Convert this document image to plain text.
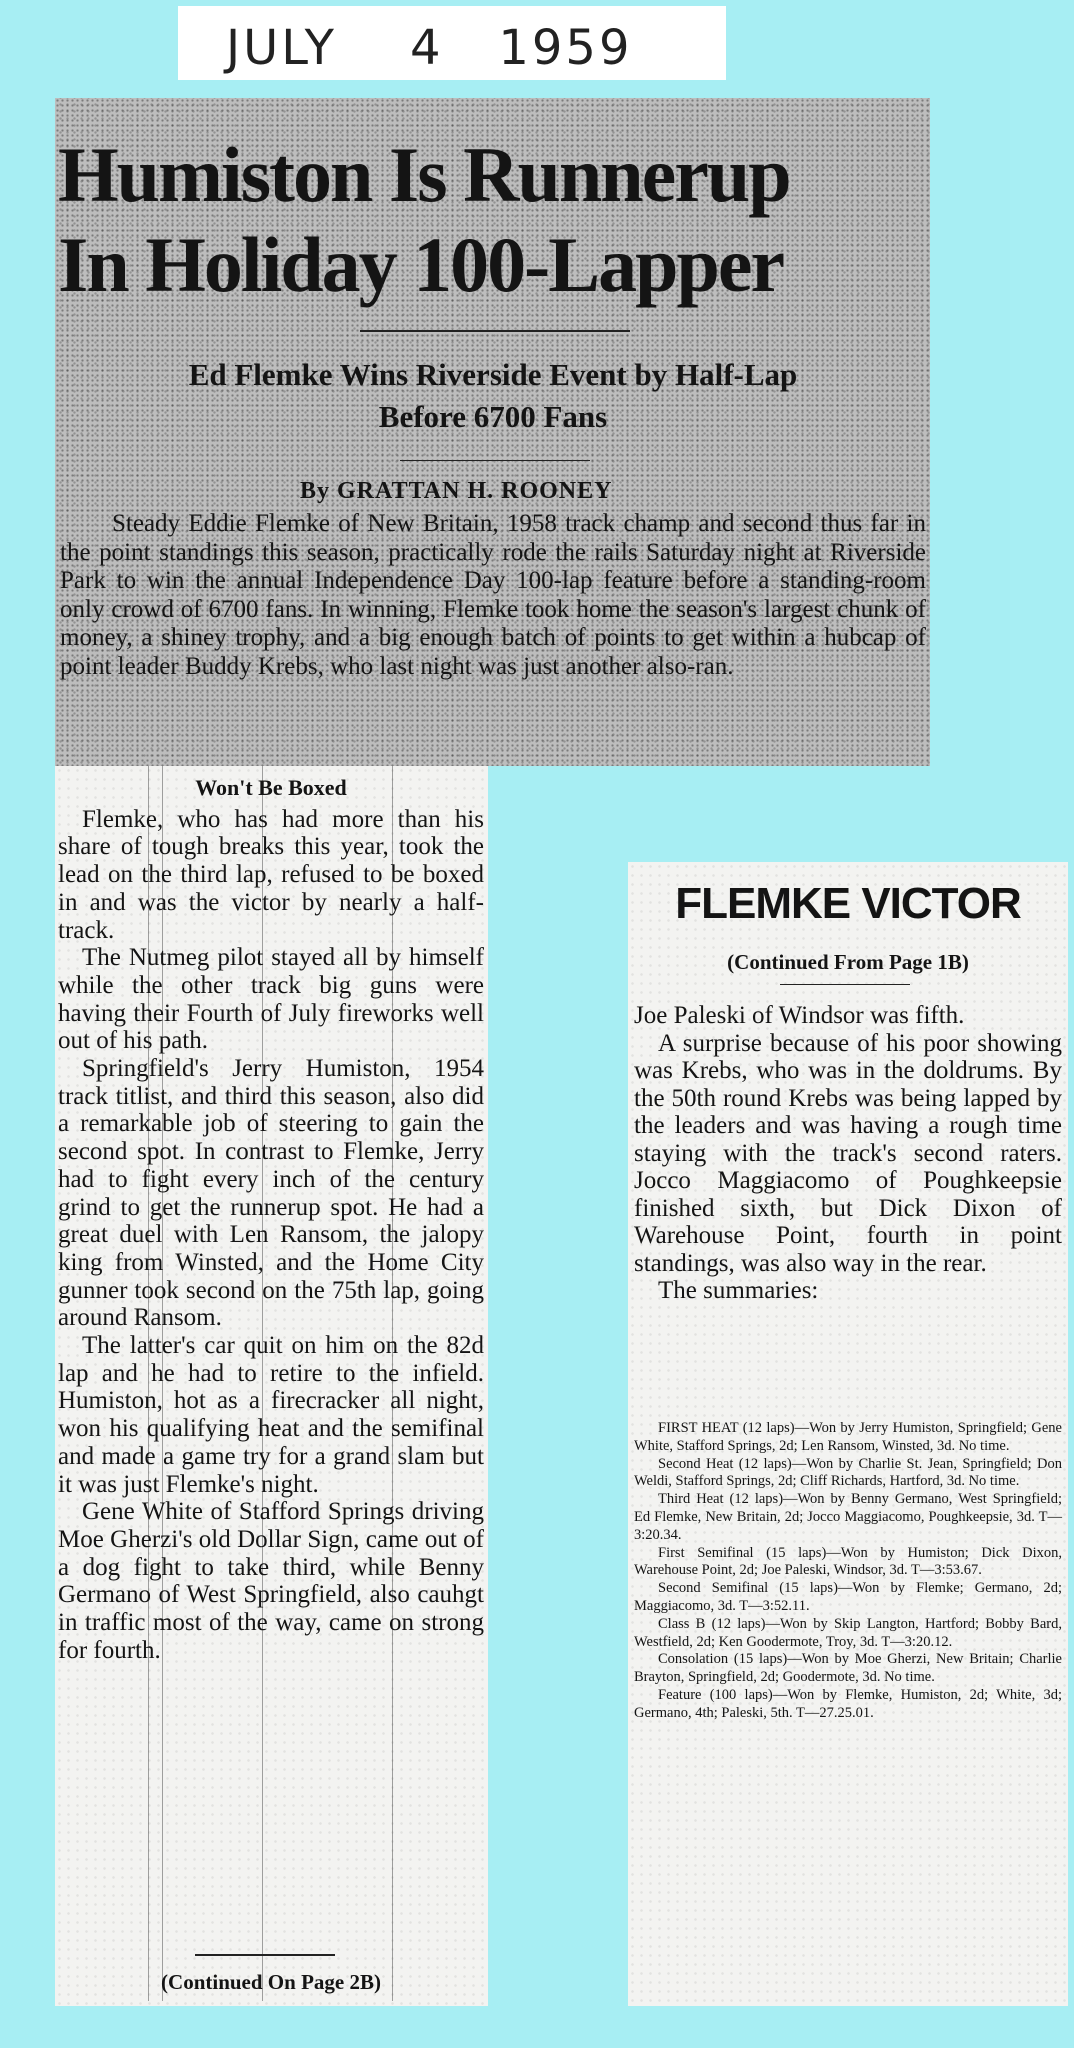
JULY    4   1959
Humiston Is Runnerup
In Holiday 100-Lapper
Ed Flemke Wins Riverside Event by Half-Lap
Before 6700 Fans
By GRATTAN H. ROONEY
Steady Eddie Flemke of New Britain, 1958 track champ and second thus far in the point standings this season, practically rode the rails Saturday night at Riverside Park to win the annual Independence Day 100-lap feature before a standing-room only crowd of 6700 fans. In winning, Flemke took home the season's largest chunk of money, a shiney trophy, and a big enough batch of points to get within a hubcap of point leader Buddy Krebs, who last night was just another also-ran.
Won't Be Boxed

Flemke, who has had more than his share of tough breaks this year, took the lead on the third lap, refused to be boxed in and was the victor by nearly a half-track.

The Nutmeg pilot stayed all by himself while the other track big guns were having their Fourth of July fireworks well out of his path.

Springfield's Jerry Humiston, 1954 track titlist, and third this season, also did a remarkable job of steering to gain the second spot. In contrast to Flemke, Jerry had to fight every inch of the century grind to get the runnerup spot. He had a great duel with Len Ransom, the jalopy king from Winsted, and the Home City gunner took second on the 75th lap, going around Ransom.

The latter's car quit on him on the 82d lap and he had to retire to the infield. Humiston, hot as a firecracker all night, won his qualifying heat and the semifinal and made a game try for a grand slam but it was just Flemke's night.

Gene White of Stafford Springs driving Moe Gherzi's old Dollar Sign, came out of a dog fight to take third, while Benny Germano of West Springfield, also cauhgt in traffic most of the way, came on strong for fourth.

(Continued On Page 2B)
FLEMKE VICTOR
(Continued From Page 1B)

Joe Paleski of Windsor was fifth.

A surprise because of his poor showing was Krebs, who was in the doldrums. By the 50th round Krebs was being lapped by the leaders and was having a rough time staying with the track's second raters. Jocco Maggiacomo of Poughkeepsie finished sixth, but Dick Dixon of Warehouse Point, fourth in point standings, was also way in the rear.

The summaries:

FIRST HEAT (12 laps)—Won by Jerry Humiston, Springfield; Gene White, Stafford Springs, 2d; Len Ransom, Winsted, 3d. No time.

Second Heat (12 laps)—Won by Charlie St. Jean, Springfield; Don Weldi, Stafford Springs, 2d; Cliff Richards, Hartford, 3d. No time.

Third Heat (12 laps)—Won by Benny Germano, West Springfield; Ed Flemke, New Britain, 2d; Jocco Maggiacomo, Poughkeepsie, 3d. T—3:20.34.

First Semifinal (15 laps)—Won by Humiston; Dick Dixon, Warehouse Point, 2d; Joe Paleski, Windsor, 3d. T—3:53.67.

Second Semifinal (15 laps)—Won by Flemke; Germano, 2d; Maggiacomo, 3d. T—3:52.11.

Class B (12 laps)—Won by Skip Langton, Hartford; Bobby Bard, Westfield, 2d; Ken Goodermote, Troy, 3d. T—3:20.12.

Consolation (15 laps)—Won by Moe Gherzi, New Britain; Charlie Brayton, Springfield, 2d; Goodermote, 3d. No time.

Feature (100 laps)—Won by Flemke, Humiston, 2d; White, 3d; Germano, 4th; Paleski, 5th. T—27.25.01.
